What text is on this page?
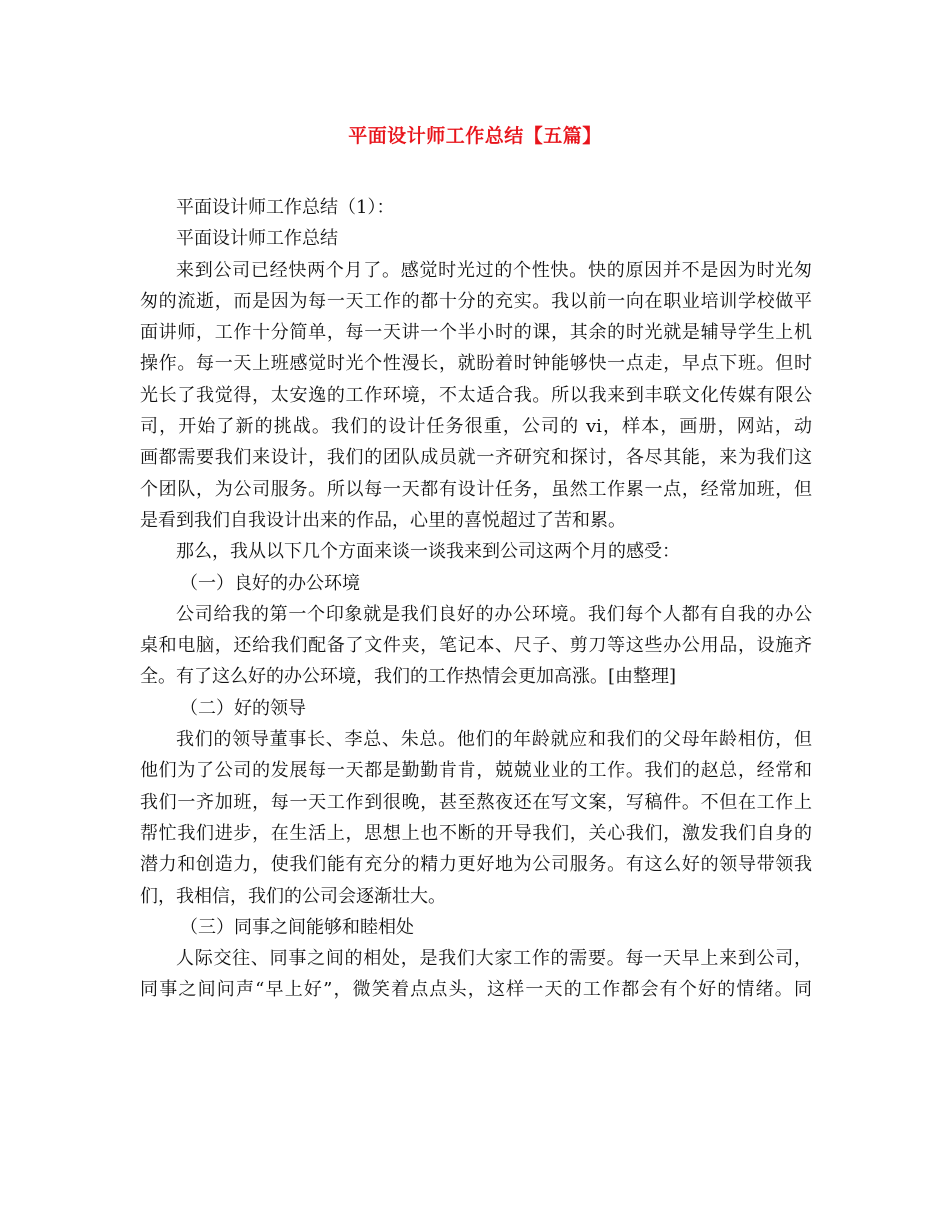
平面设计师工作总结【五篇】
平面设计师工作总结（1）：
平面设计师工作总结
来到公司已经快两个月了。感觉时光过的个性快。快的原因并不是因为时光匆
匆的流逝，而是因为每一天工作的都十分的充实。我以前一向在职业培训学校做平
面讲师，工作十分简单，每一天讲一个半小时的课，其余的时光就是辅导学生上机
操作。每一天上班感觉时光个性漫长，就盼着时钟能够快一点走，早点下班。但时
光长了我觉得，太安逸的工作环境，不太适合我。所以我来到丰联文化传媒有限公
司，开始了新的挑战。我们的设计任务很重，公司的 vi，样本，画册，网站，动
画都需要我们来设计，我们的团队成员就一齐研究和探讨，各尽其能，来为我们这
个团队，为公司服务。所以每一天都有设计任务，虽然工作累一点，经常加班，但
是看到我们自我设计出来的作品，心里的喜悦超过了苦和累。
那么，我从以下几个方面来谈一谈我来到公司这两个月的感受：
（一）良好的办公环境
公司给我的第一个印象就是我们良好的办公环境。我们每个人都有自我的办公
桌和电脑，还给我们配备了文件夹，笔记本、尺子、剪刀等这些办公用品，设施齐
全。有了这么好的办公环境，我们的工作热情会更加高涨。[由整理]
（二）好的领导
我们的领导董事长、李总、朱总。他们的年龄就应和我们的父母年龄相仿，但
他们为了公司的发展每一天都是勤勤肯肯，兢兢业业的工作。我们的赵总，经常和
我们一齐加班，每一天工作到很晚，甚至熬夜还在写文案，写稿件。不但在工作上
帮忙我们进步，在生活上，思想上也不断的开导我们，关心我们，激发我们自身的
潜力和创造力，使我们能有充分的精力更好地为公司服务。有这么好的领导带领我
们，我相信，我们的公司会逐渐壮大。
（三）同事之间能够和睦相处
人际交往、同事之间的相处，是我们大家工作的需要。每一天早上来到公司，
同事之间问声“早上好”，微笑着点点头，这样一天的工作都会有个好的情绪。同
